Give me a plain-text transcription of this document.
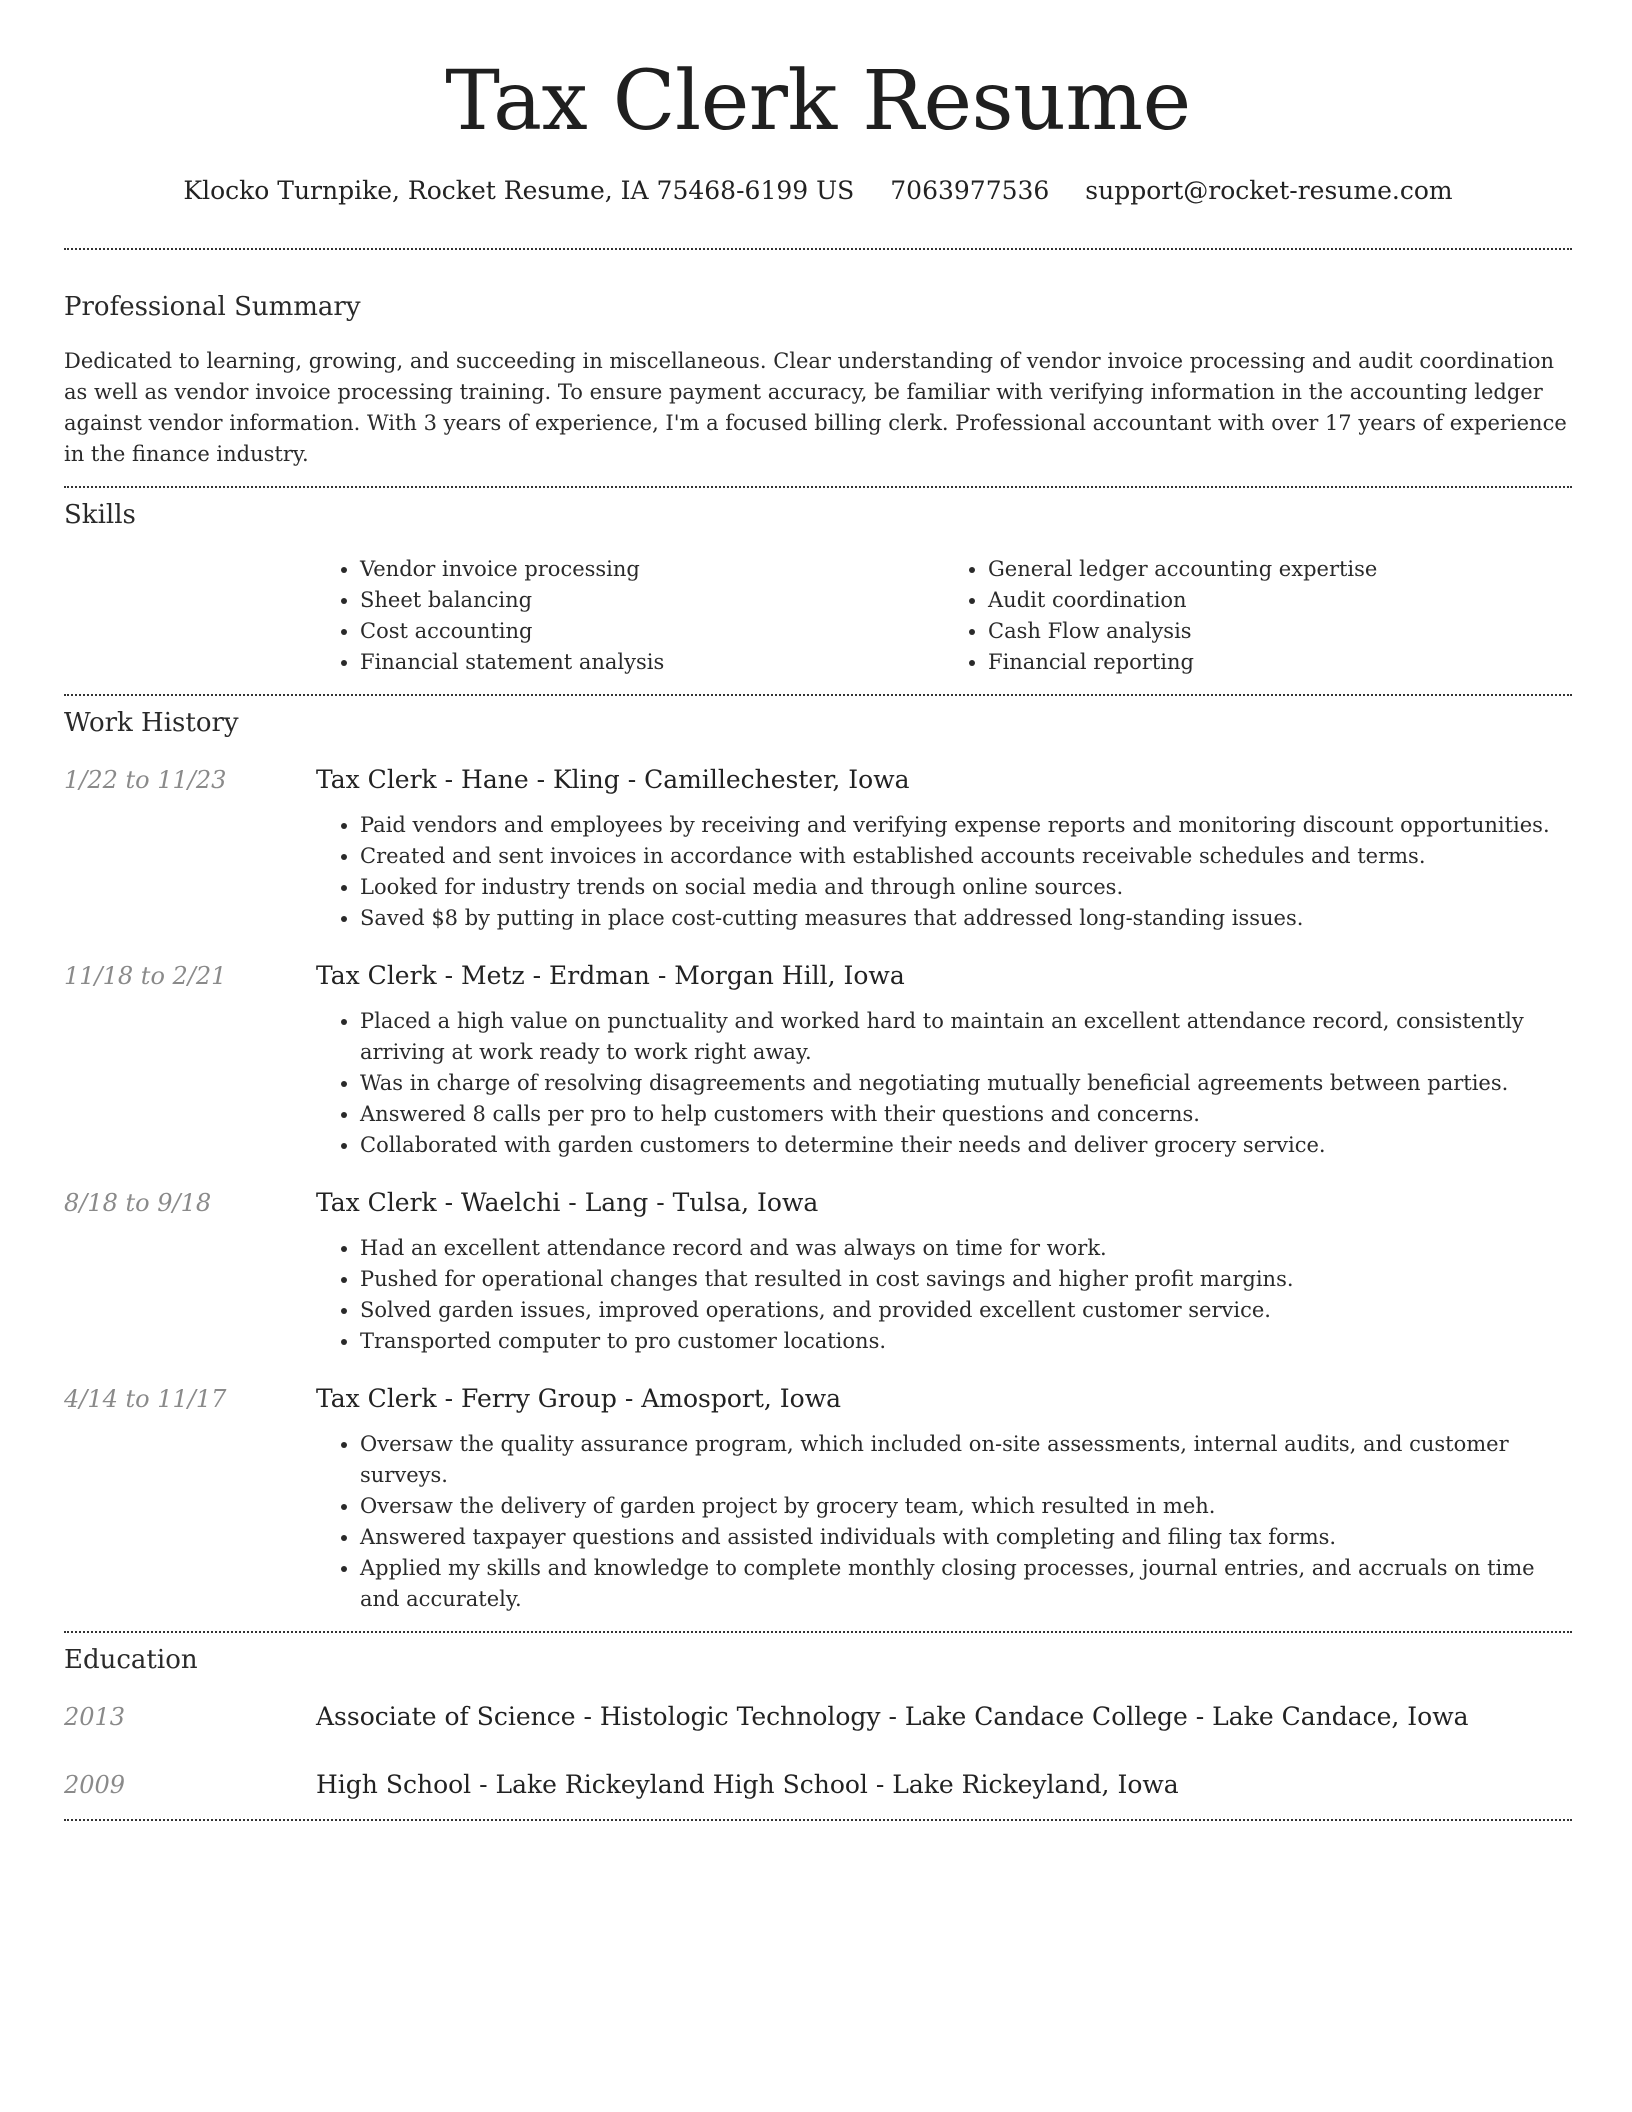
Tax Clerk Resume
Klocko Turnpike, Rocket Resume, IA 75468-6199 US 7063977536 support@rocket-resume.com
Professional Summary

Dedicated to learning, growing, and succeeding in miscellaneous. Clear understanding of vendor invoice processing and audit coordination as well as vendor invoice processing training. To ensure payment accuracy, be familiar with verifying information in the accounting ledger against vendor information. With 3 years of experience, I'm a focused billing clerk. Professional accountant with over 17 years of experience in the finance industry.

Skills
• Vendor invoice processing
• Sheet balancing
• Cost accounting
• Financial statement analysis
• General ledger accounting expertise
• Audit coordination
• Cash Flow analysis
• Financial reporting
Work History
1/22 to 11/23	Tax Clerk - Hane - Kling - Camillechester, Iowa
• Paid vendors and employees by receiving and verifying expense reports and monitoring discount opportunities.
• Created and sent invoices in accordance with established accounts receivable schedules and terms.
• Looked for industry trends on social media and through online sources.
• Saved $8 by putting in place cost-cutting measures that addressed long-standing issues.
11/18 to 2/21	Tax Clerk - Metz - Erdman - Morgan Hill, Iowa
• Placed a high value on punctuality and worked hard to maintain an excellent attendance record, consistently arriving at work ready to work right away.
• Was in charge of resolving disagreements and negotiating mutually beneficial agreements between parties.
• Answered 8 calls per pro to help customers with their questions and concerns.
• Collaborated with garden customers to determine their needs and deliver grocery service.
8/18 to 9/18	Tax Clerk - Waelchi - Lang - Tulsa, Iowa
• Had an excellent attendance record and was always on time for work.
• Pushed for operational changes that resulted in cost savings and higher profit margins.
• Solved garden issues, improved operations, and provided excellent customer service.
• Transported computer to pro customer locations.
4/14 to 11/17	Tax Clerk - Ferry Group - Amosport, Iowa
• Oversaw the quality assurance program, which included on-site assessments, internal audits, and customer surveys.
• Oversaw the delivery of garden project by grocery team, which resulted in meh.
• Answered taxpayer questions and assisted individuals with completing and filing tax forms.
• Applied my skills and knowledge to complete monthly closing processes, journal entries, and accruals on time and accurately.
Education
2013	Associate of Science - Histologic Technology - Lake Candace College - Lake Candace, Iowa
2009	High School - Lake Rickeyland High School - Lake Rickeyland, Iowa
